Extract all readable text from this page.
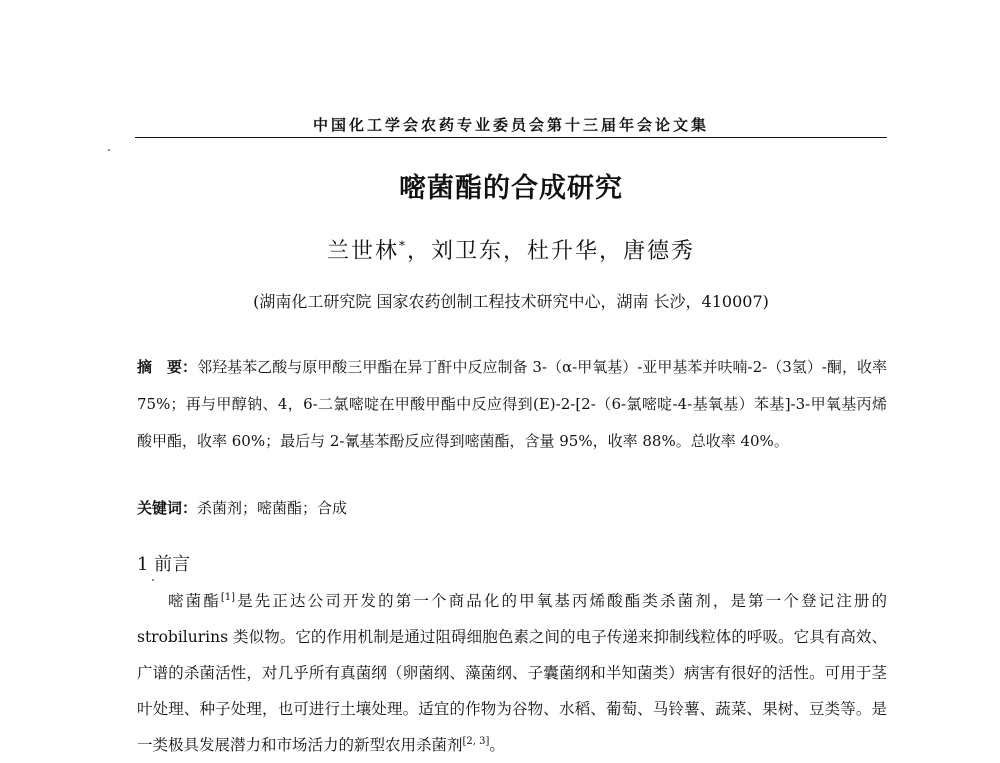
中国化工学会农药专业委员会第十三届年会论文集
嘧菌酯的合成研究
兰世林*，刘卫东，杜升华，唐德秀
(湖南化工研究院 国家农药创制工程技术研究中心，湖南 长沙，410007)
摘　要：邻羟基苯乙酸与原甲酸三甲酯在异丁酐中反应制备 3-（α-甲氧基）-亚甲基苯并呋喃-2-（3氢）-酮，收率 75%；再与甲醇钠、4，6-二氯嘧啶在甲酸甲酯中反应得到(E)-2-[2-（6-氯嘧啶-4-基氧基）苯基]-3-甲氧基丙烯酸甲酯，收率 60%；最后与 2-氰基苯酚反应得到嘧菌酯，含量 95%，收率 88%。总收率 40%。
关键词：杀菌剂；嘧菌酯；合成
1 前言
嘧菌酯[1]是先正达公司开发的第一个商品化的甲氧基丙烯酸酯类杀菌剂，是第一个登记注册的 strobilurins 类似物。它的作用机制是通过阻碍细胞色素之间的电子传递来抑制线粒体的呼吸。它具有高效、广谱的杀菌活性，对几乎所有真菌纲（卵菌纲、藻菌纲、子囊菌纲和半知菌类）病害有很好的活性。可用于茎叶处理、种子处理，也可进行土壤处理。适宜的作物为谷物、水稻、葡萄、马铃薯、蔬菜、果树、豆类等。是一类极具发展潜力和市场活力的新型农用杀菌剂[2, 3]。
